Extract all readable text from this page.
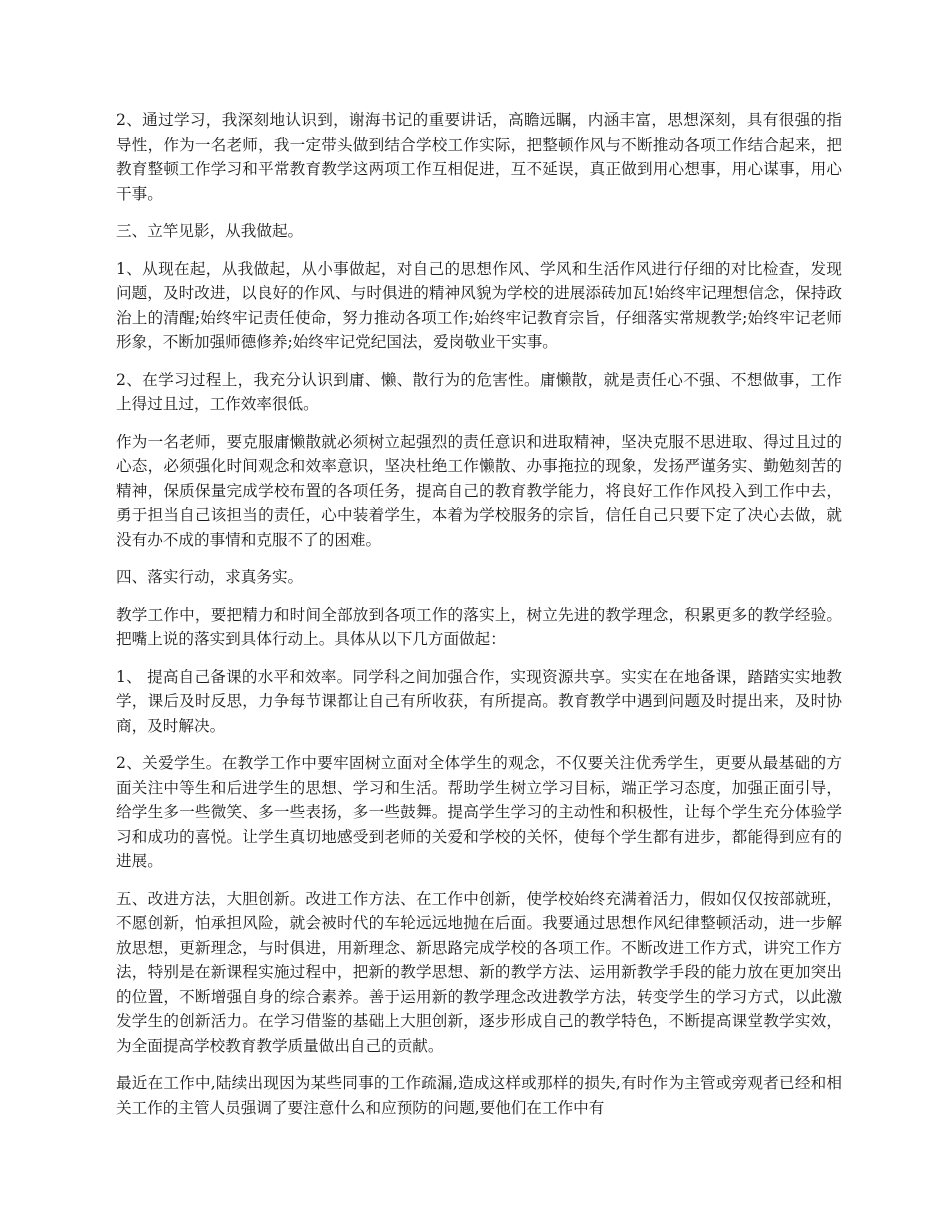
2、通过学习，我深刻地认识到，谢海书记的重要讲话，高瞻远瞩，内涵丰富，思想深刻，具有很强的指导性，作为一名老师，我一定带头做到结合学校工作实际，把整顿作风与不断推动各项工作结合起来，把教育整顿工作学习和平常教育教学这两项工作互相促进，互不延误，真正做到用心想事，用心谋事，用心干事。

三、立竿见影，从我做起。

1、从现在起，从我做起，从小事做起，对自己的思想作风、学风和生活作风进行仔细的对比检查，发现问题，及时改进，以良好的作风、与时俱进的精神风貌为学校的进展添砖加瓦!始终牢记理想信念，保持政治上的清醒;始终牢记责任使命，努力推动各项工作;始终牢记教育宗旨，仔细落实常规教学;始终牢记老师形象，不断加强师德修养;始终牢记党纪国法，爱岗敬业干实事。

2、在学习过程上，我充分认识到庸、懒、散行为的危害性。庸懒散，就是责任心不强、不想做事，工作上得过且过，工作效率很低。

作为一名老师，要克服庸懒散就必须树立起强烈的责任意识和进取精神，坚决克服不思进取、得过且过的心态，必须强化时间观念和效率意识，坚决杜绝工作懒散、办事拖拉的现象，发扬严谨务实、勤勉刻苦的精神，保质保量完成学校布置的各项任务，提高自己的教育教学能力，将良好工作作风投入到工作中去，勇于担当自己该担当的责任，心中装着学生，本着为学校服务的宗旨，信任自己只要下定了决心去做，就没有办不成的事情和克服不了的困难。

四、落实行动，求真务实。

教学工作中，要把精力和时间全部放到各项工作的落实上，树立先进的教学理念，积累更多的教学经验。把嘴上说的落实到具体行动上。具体从以下几方面做起：

1、 提高自己备课的水平和效率。同学科之间加强合作，实现资源共享。实实在在地备课，踏踏实实地教学，课后及时反思，力争每节课都让自己有所收获，有所提高。教育教学中遇到问题及时提出来，及时协商，及时解决。

2、关爱学生。在教学工作中要牢固树立面对全体学生的观念，不仅要关注优秀学生，更要从最基础的方面关注中等生和后进学生的思想、学习和生活。帮助学生树立学习目标，端正学习态度，加强正面引导，给学生多一些微笑、多一些表扬，多一些鼓舞。提高学生学习的主动性和积极性，让每个学生充分体验学习和成功的喜悦。让学生真切地感受到老师的关爱和学校的关怀，使每个学生都有进步，都能得到应有的进展。

五、改进方法，大胆创新。改进工作方法、在工作中创新，使学校始终充满着活力，假如仅仅按部就班，不愿创新，怕承担风险，就会被时代的车轮远远地抛在后面。我要通过思想作风纪律整顿活动，进一步解放思想，更新理念，与时俱进，用新理念、新思路完成学校的各项工作。不断改进工作方式，讲究工作方法，特别是在新课程实施过程中，把新的教学思想、新的教学方法、运用新教学手段的能力放在更加突出的位置，不断增强自身的综合素养。善于运用新的教学理念改进教学方法，转变学生的学习方式，以此激发学生的创新活力。在学习借鉴的基础上大胆创新，逐步形成自己的教学特色，不断提高课堂教学实效，为全面提高学校教育教学质量做出自己的贡献。

最近在工作中,陆续出现因为某些同事的工作疏漏,造成这样或那样的损失,有时作为主管或旁观者已经和相关工作的主管人员强调了要注意什么和应预防的问题,要他们在工作中有
